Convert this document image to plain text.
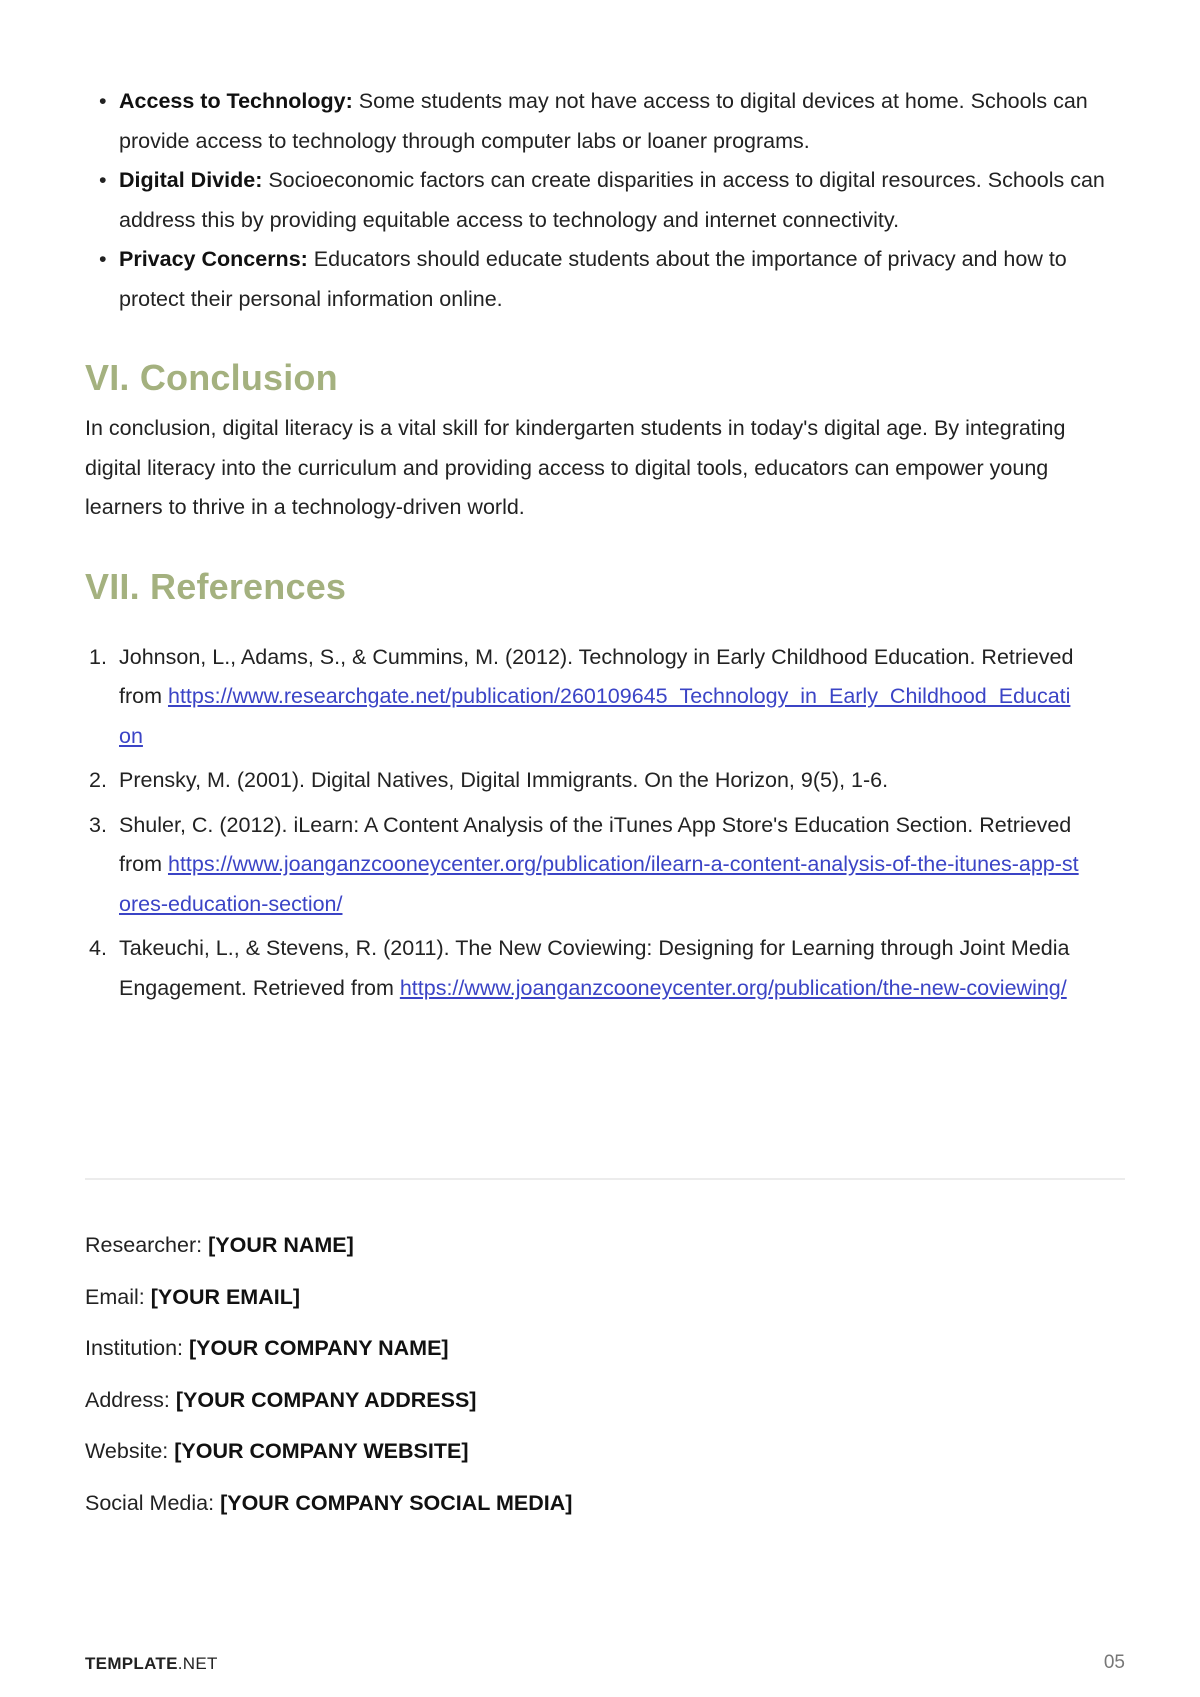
• Access to Technology: Some students may not have access to digital devices at home. Schools can provide access to technology through computer labs or loaner programs.
• Digital Divide: Socioeconomic factors can create disparities in access to digital resources. Schools can address this by providing equitable access to technology and internet connectivity.
• Privacy Concerns: Educators should educate students about the importance of privacy and how to protect their personal information online.
VI. Conclusion

In conclusion, digital literacy is a vital skill for kindergarten students in today's digital age. By integrating digital literacy into the curriculum and providing access to digital tools, educators can empower young learners to thrive in a technology-driven world.

VII. References
1. Johnson, L., Adams, S., & Cummins, M. (2012). Technology in Early Childhood Education. Retrieved from https://www.researchgate.net/publication/260109645_Technology_in_Early_Childhood_Education
2. Prensky, M. (2001). Digital Natives, Digital Immigrants. On the Horizon, 9(5), 1-6.
3. Shuler, C. (2012). iLearn: A Content Analysis of the iTunes App Store's Education Section. Retrieved from https://www.joanganzcooneycenter.org/publication/ilearn-a-content-analysis-of-the-itunes-app-stores-education-section/
4. Takeuchi, L., & Stevens, R. (2011). The New Coviewing: Designing for Learning through Joint Media Engagement. Retrieved from https://www.joanganzcooneycenter.org/publication/the-new-coviewing/
Researcher: [YOUR NAME]
Email: [YOUR EMAIL]
Institution: [YOUR COMPANY NAME]
Address: [YOUR COMPANY ADDRESS]
Website: [YOUR COMPANY WEBSITE]
Social Media: [YOUR COMPANY SOCIAL MEDIA]
TEMPLATE.NET	05
